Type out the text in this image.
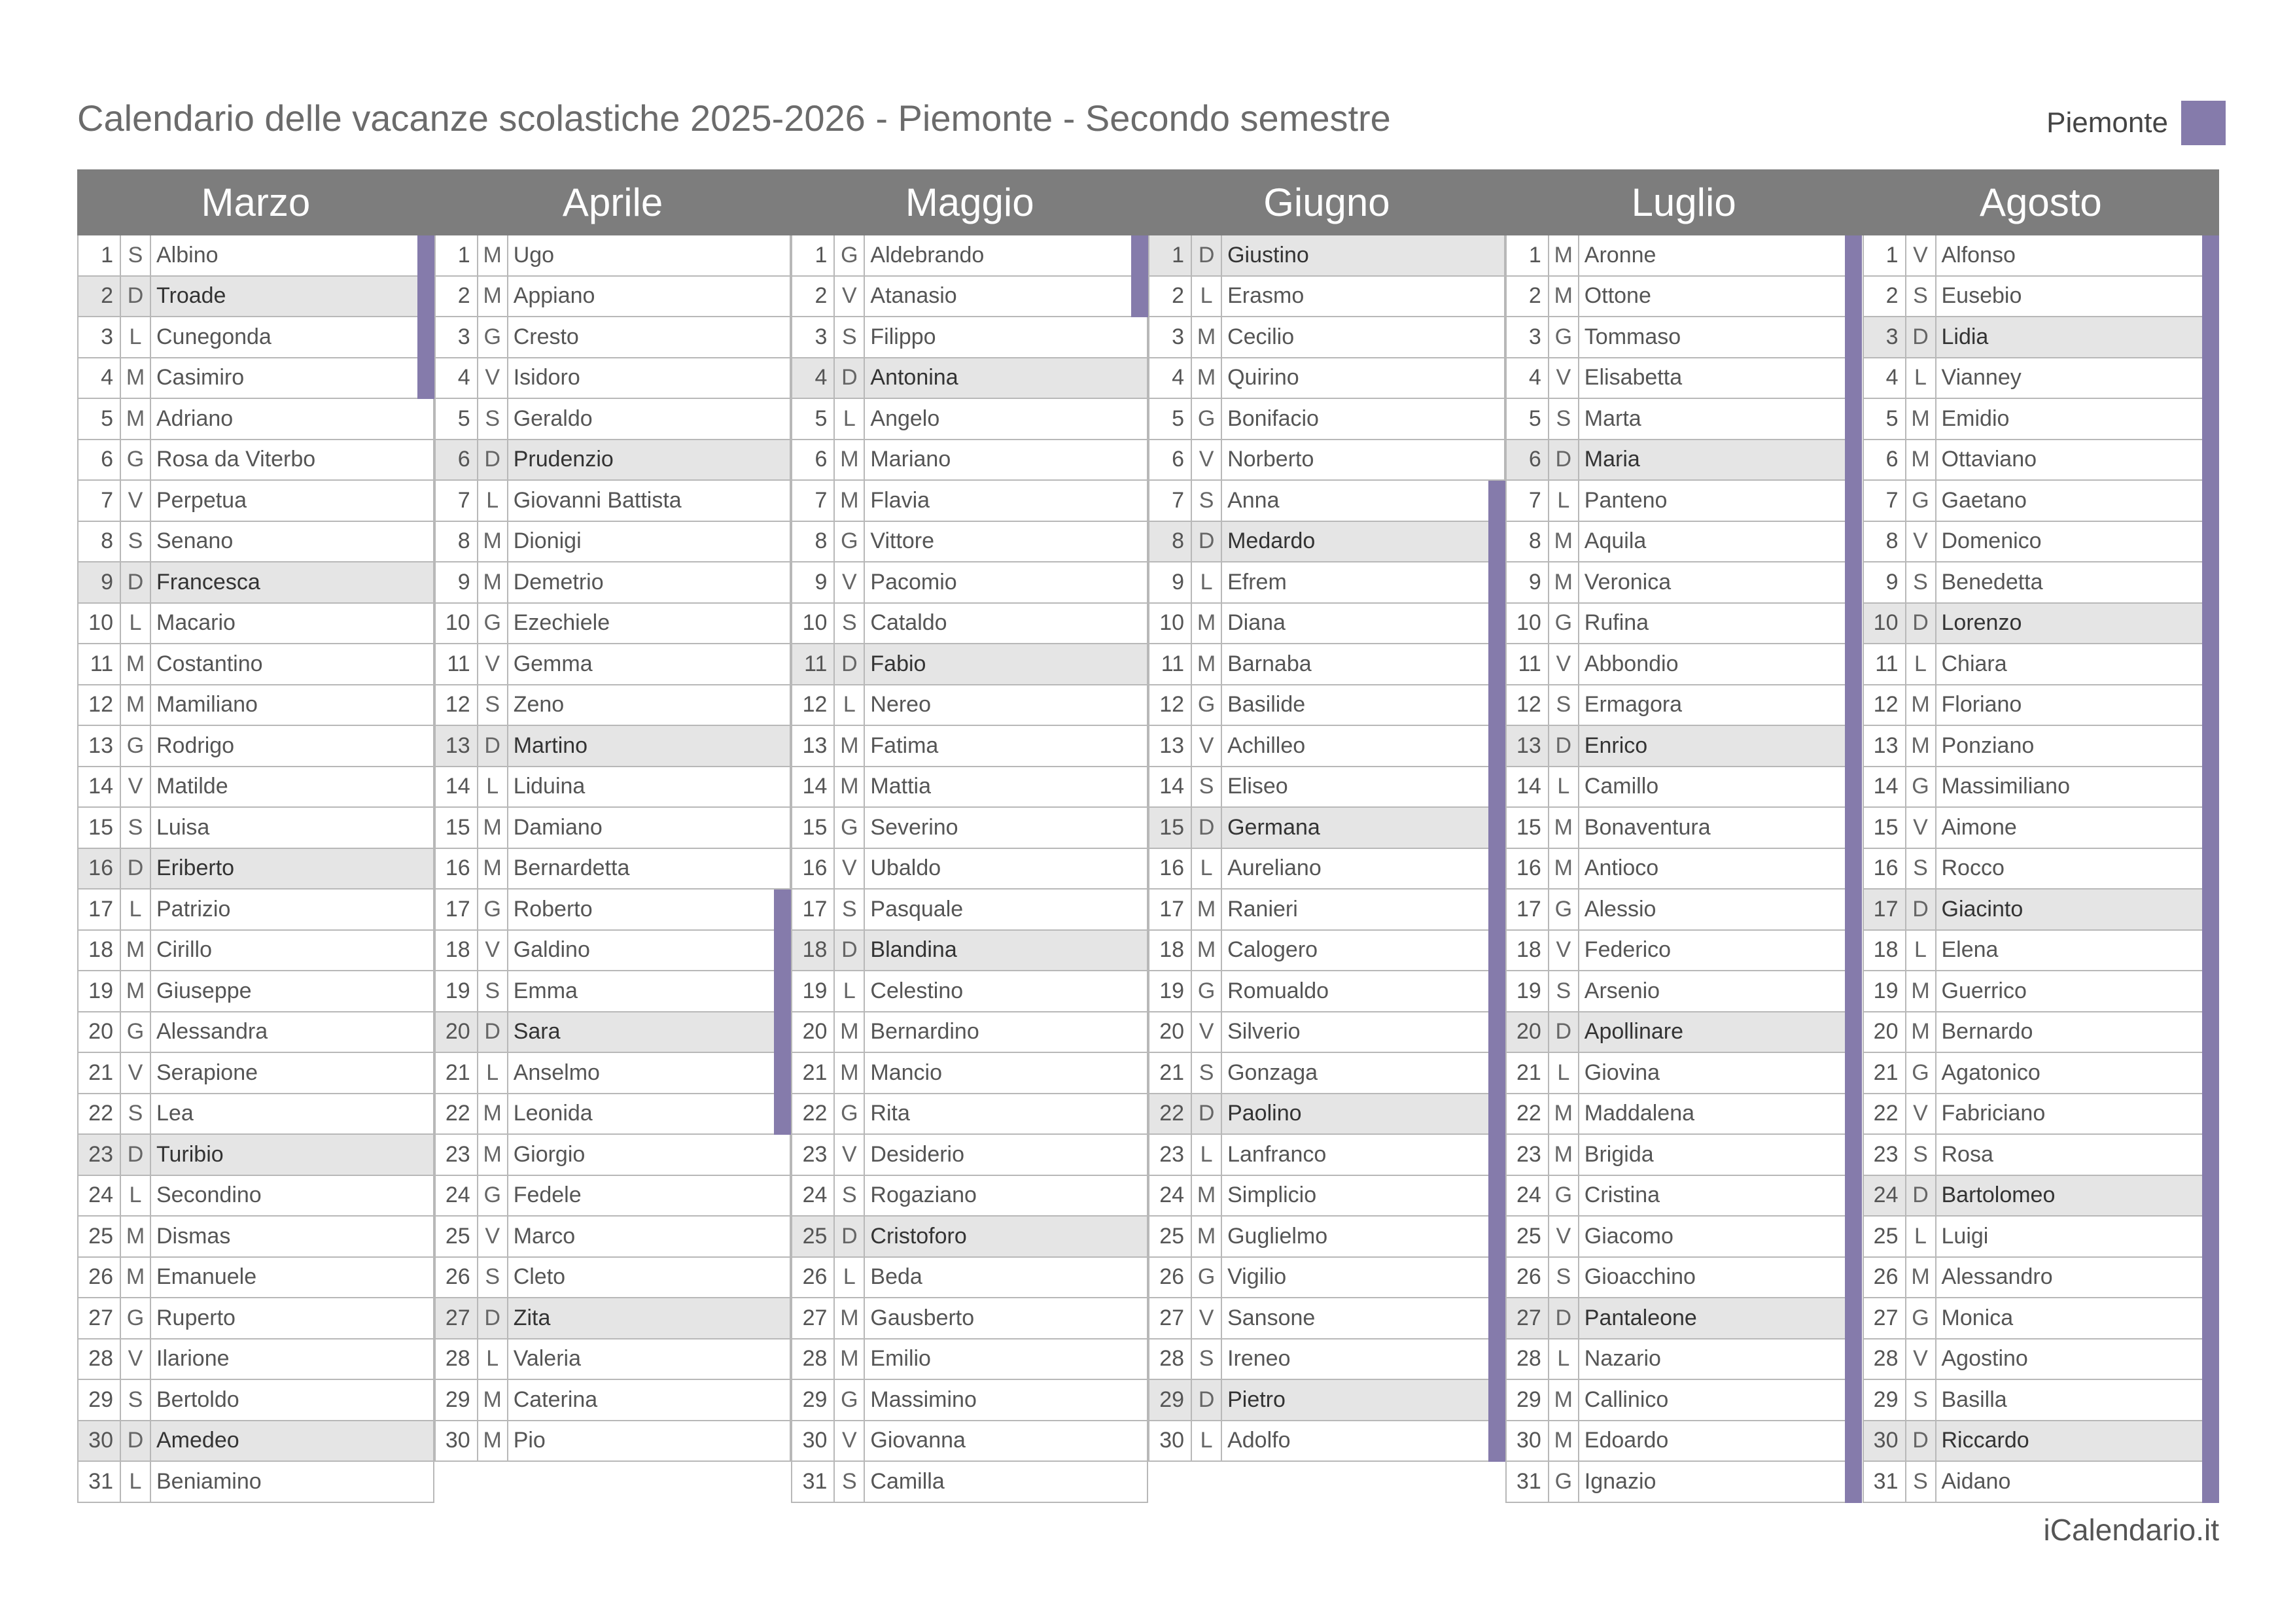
Calendario delle vacanze scolastiche 2025-2026 - Piemonte - Secondo semestre	Piemonte
Marzo	Aprile	Maggio	Giugno	Luglio	Agosto
1 S Albino
2 D Troade
3 L Cunegonda
4 M Casimiro
5 M Adriano
6 G Rosa da Viterbo
7 V Perpetua
8 S Senano
9 D Francesca
10 L Macario
11 M Costantino
12 M Mamiliano
13 G Rodrigo
14 V Matilde
15 S Luisa
16 D Eriberto
17 L Patrizio
18 M Cirillo
19 M Giuseppe
20 G Alessandra
21 V Serapione
22 S Lea
23 D Turibio
24 L Secondino
25 M Dismas
26 M Emanuele
27 G Ruperto
28 V Ilarione
29 S Bertoldo
30 D Amedeo
31 L Beniamino
1 M Ugo
2 M Appiano
3 G Cresto
4 V Isidoro
5 S Geraldo
6 D Prudenzio
7 L Giovanni Battista
8 M Dionigi
9 M Demetrio
10 G Ezechiele
11 V Gemma
12 S Zeno
13 D Martino
14 L Liduina
15 M Damiano
16 M Bernardetta
17 G Roberto
18 V Galdino
19 S Emma
20 D Sara
21 L Anselmo
22 M Leonida
23 M Giorgio
24 G Fedele
25 V Marco
26 S Cleto
27 D Zita
28 L Valeria
29 M Caterina
30 M Pio
1 G Aldebrando
2 V Atanasio
3 S Filippo
4 D Antonina
5 L Angelo
6 M Mariano
7 M Flavia
8 G Vittore
9 V Pacomio
10 S Cataldo
11 D Fabio
12 L Nereo
13 M Fatima
14 M Mattia
15 G Severino
16 V Ubaldo
17 S Pasquale
18 D Blandina
19 L Celestino
20 M Bernardino
21 M Mancio
22 G Rita
23 V Desiderio
24 S Rogaziano
25 D Cristoforo
26 L Beda
27 M Gausberto
28 M Emilio
29 G Massimino
30 V Giovanna
31 S Camilla
1 D Giustino
2 L Erasmo
3 M Cecilio
4 M Quirino
5 G Bonifacio
6 V Norberto
7 S Anna
8 D Medardo
9 L Efrem
10 M Diana
11 M Barnaba
12 G Basilide
13 V Achilleo
14 S Eliseo
15 D Germana
16 L Aureliano
17 M Ranieri
18 M Calogero
19 G Romualdo
20 V Silverio
21 S Gonzaga
22 D Paolino
23 L Lanfranco
24 M Simplicio
25 M Guglielmo
26 G Vigilio
27 V Sansone
28 S Ireneo
29 D Pietro
30 L Adolfo
1 M Aronne
2 M Ottone
3 G Tommaso
4 V Elisabetta
5 S Marta
6 D Maria
7 L Panteno
8 M Aquila
9 M Veronica
10 G Rufina
11 V Abbondio
12 S Ermagora
13 D Enrico
14 L Camillo
15 M Bonaventura
16 M Antioco
17 G Alessio
18 V Federico
19 S Arsenio
20 D Apollinare
21 L Giovina
22 M Maddalena
23 M Brigida
24 G Cristina
25 V Giacomo
26 S Gioacchino
27 D Pantaleone
28 L Nazario
29 M Callinico
30 M Edoardo
31 G Ignazio
1 V Alfonso
2 S Eusebio
3 D Lidia
4 L Vianney
5 M Emidio
6 M Ottaviano
7 G Gaetano
8 V Domenico
9 S Benedetta
10 D Lorenzo
11 L Chiara
12 M Floriano
13 M Ponziano
14 G Massimiliano
15 V Aimone
16 S Rocco
17 D Giacinto
18 L Elena
19 M Guerrico
20 M Bernardo
21 G Agatonico
22 V Fabriciano
23 S Rosa
24 D Bartolomeo
25 L Luigi
26 M Alessandro
27 G Monica
28 V Agostino
29 S Basilla
30 D Riccardo
31 S Aidano
iCalendario.it
